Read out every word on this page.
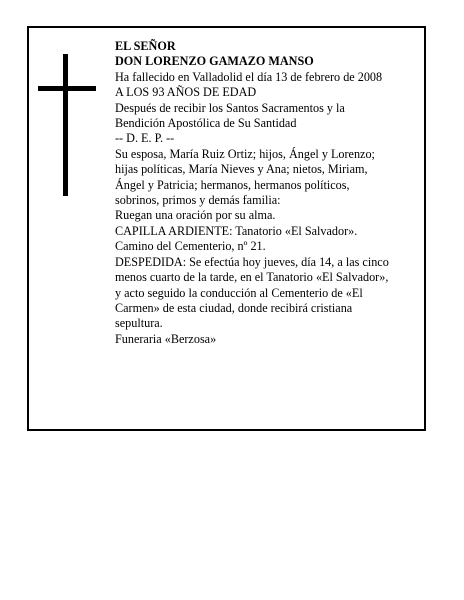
EL SEÑOR

DON LORENZO GAMAZO MANSO

Ha fallecido en Valladolid el día 13 de febrero de 2008

A LOS 93 AÑOS DE EDAD

Después de recibir los Santos Sacramentos y la

Bendición Apostólica de Su Santidad

-- D. E. P. --

Su esposa, María Ruiz Ortiz; hijos, Ángel y Lorenzo;

hijas políticas, María Nieves y Ana; nietos, Miriam,

Ángel y Patricia; hermanos, hermanos políticos,

sobrinos, primos y demás familia:

Ruegan una oración por su alma.

CAPILLA ARDIENTE: Tanatorio «El Salvador».

Camino del Cementerio, nº 21.

DESPEDIDA: Se efectúa hoy jueves, día 14, a las cinco

menos cuarto de la tarde, en el Tanatorio «El Salvador»,

y acto seguido la conducción al Cementerio de «El

Carmen» de esta ciudad, donde recibirá cristiana

sepultura.

Funeraria «Berzosa»
